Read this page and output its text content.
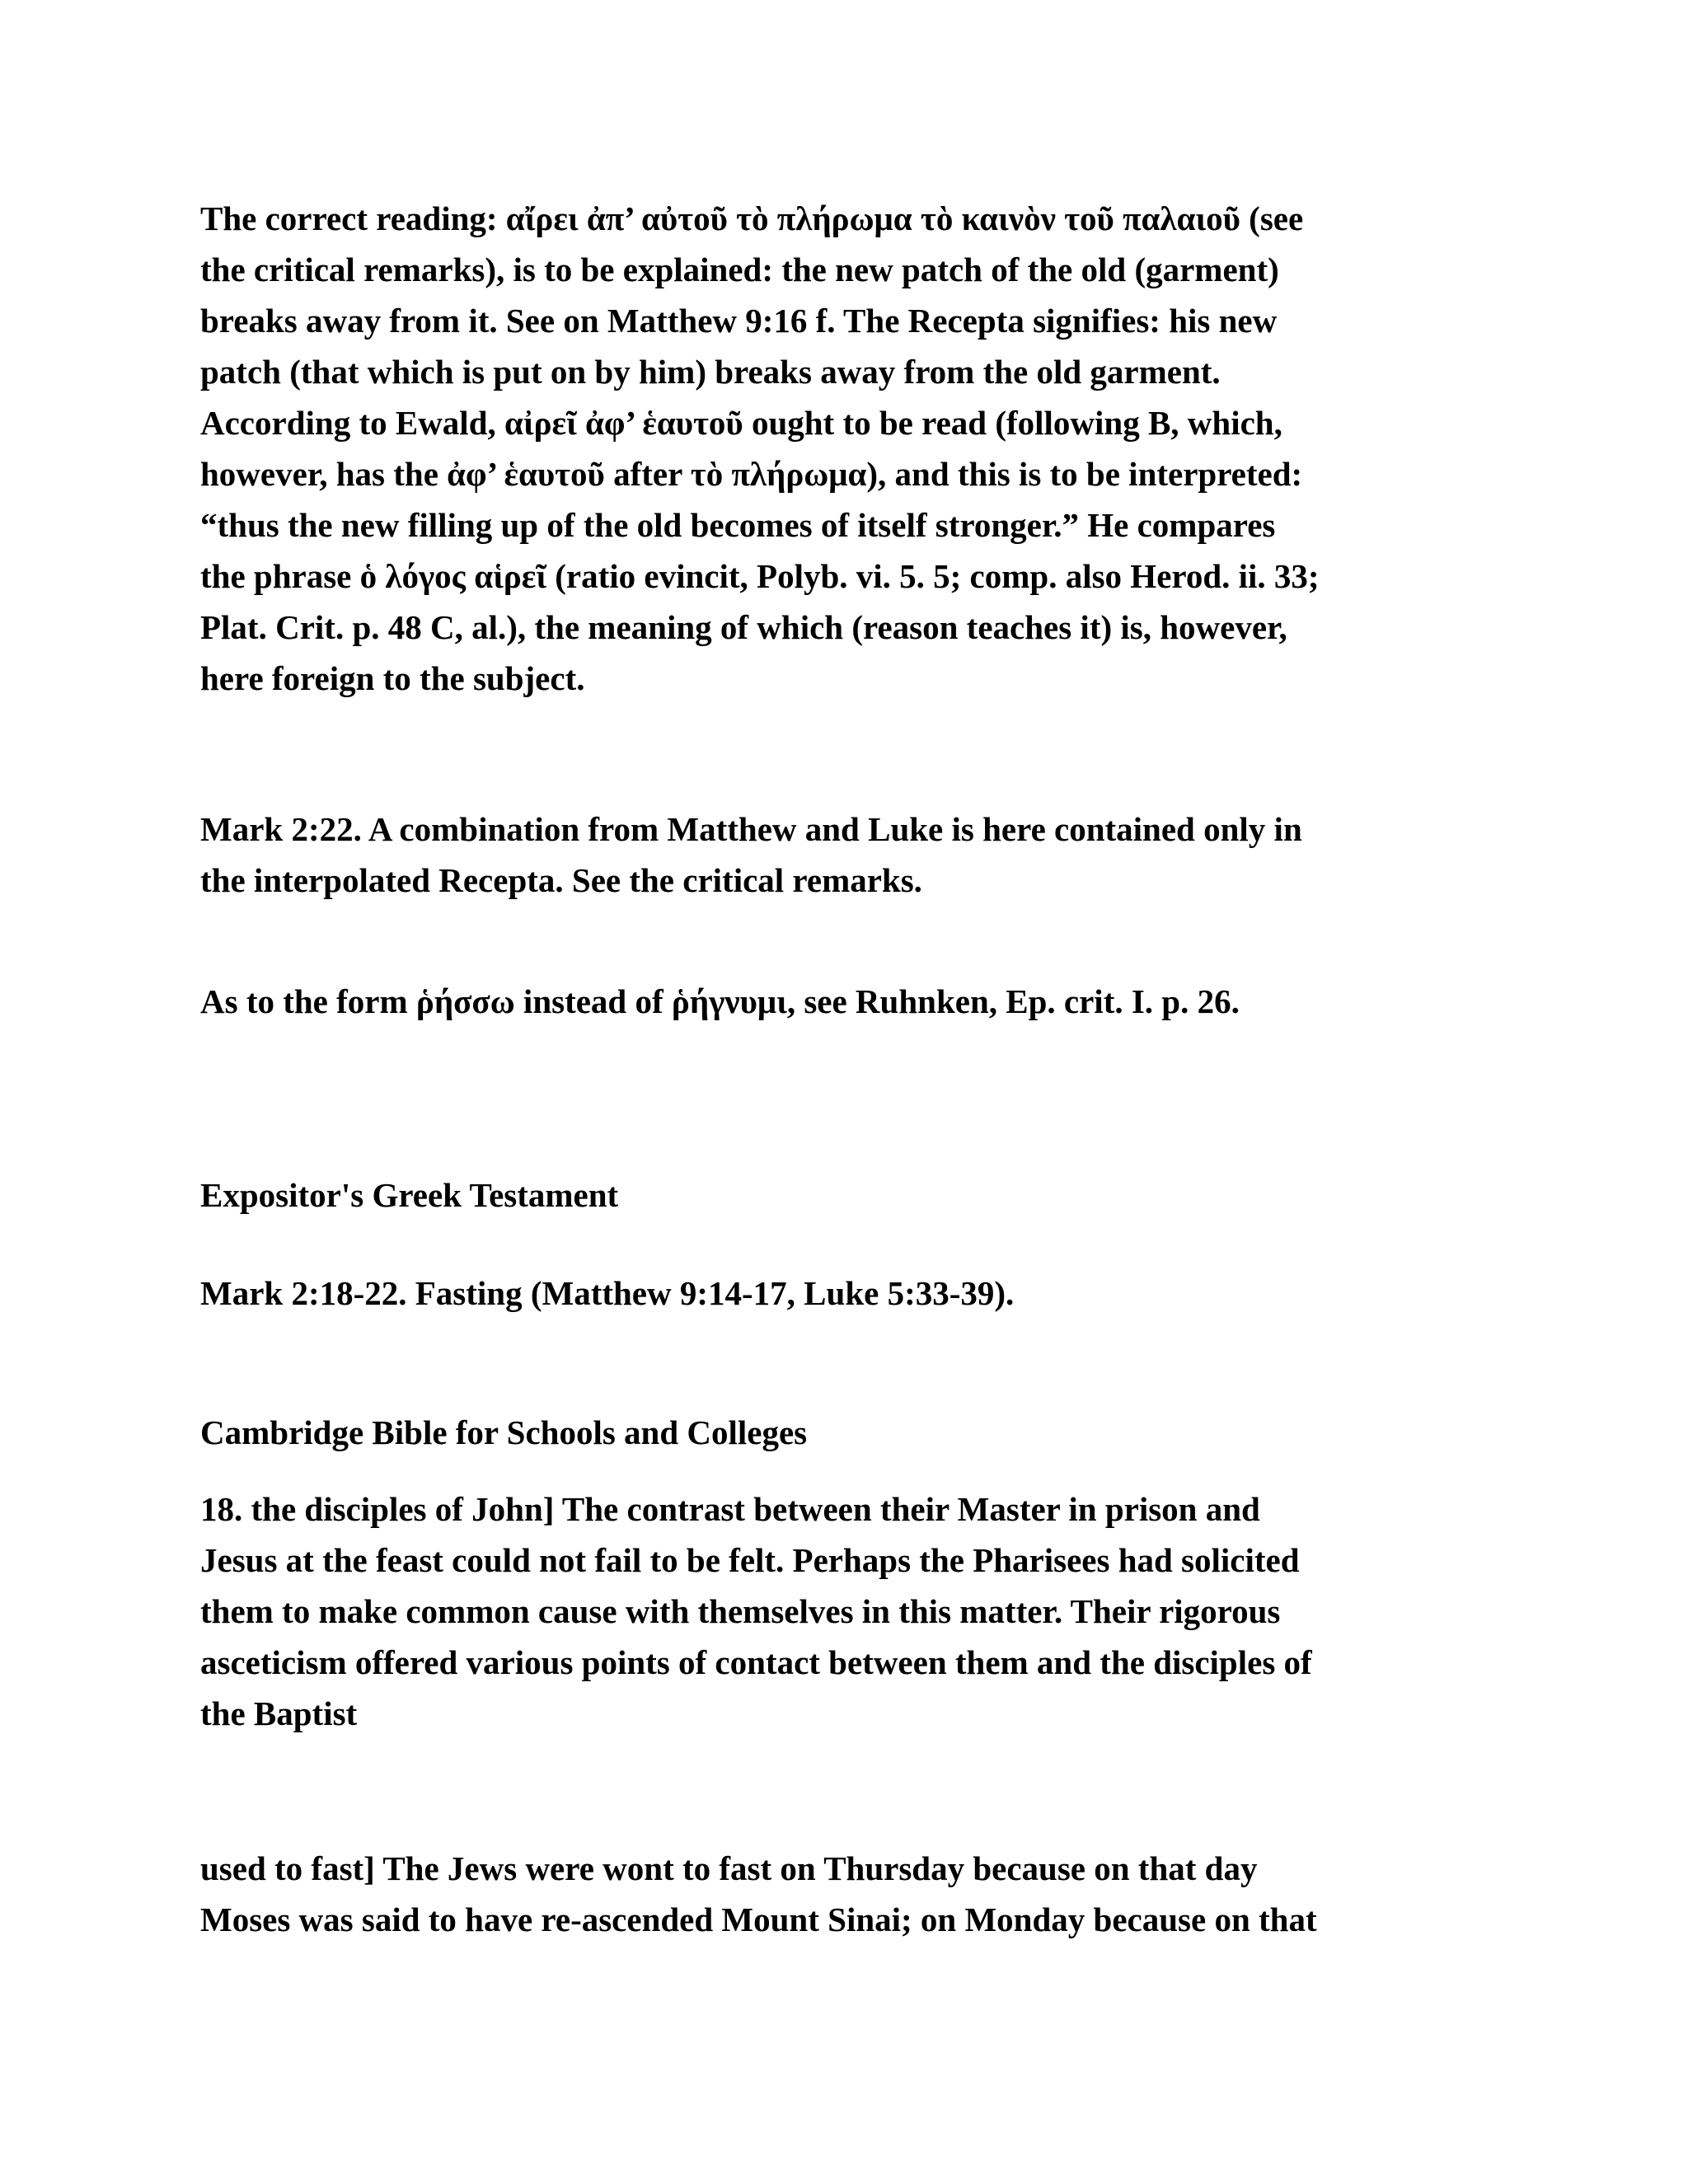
The correct reading: αἴρει ἀπ’ αὐτοῦ τὸ πλήρωμα τὸ καινὸν τοῦ παλαιοῦ (see
the critical remarks), is to be explained: the new patch of the old (garment)
breaks away from it. See on Matthew 9:16 f. The Recepta signifies: his new
patch (that which is put on by him) breaks away from the old garment.
According to Ewald, αἰρεῖ ἀφ’ ἑαυτοῦ ought to be read (following B, which,
however, has the ἀφ’ ἑαυτοῦ after τὸ πλήρωμα), and this is to be interpreted:
“thus the new filling up of the old becomes of itself stronger.” He compares
the phrase ὁ λόγος αἱρεῖ (ratio evincit, Polyb. vi. 5. 5; comp. also Herod. ii. 33;
Plat. Crit. p. 48 C, al.), the meaning of which (reason teaches it) is, however,
here foreign to the subject.

Mark 2:22. A combination from Matthew and Luke is here contained only in
the interpolated Recepta. See the critical remarks.

As to the form ῥήσσω instead of ῥήγνυμι, see Ruhnken, Ep. crit. I. p. 26.

Expositor's Greek Testament

Mark 2:18-22. Fasting (Matthew 9:14-17, Luke 5:33-39).

Cambridge Bible for Schools and Colleges

18. the disciples of John] The contrast between their Master in prison and
Jesus at the feast could not fail to be felt. Perhaps the Pharisees had solicited
them to make common cause with themselves in this matter. Their rigorous
asceticism offered various points of contact between them and the disciples of
the Baptist

used to fast] The Jews were wont to fast on Thursday because on that day
Moses was said to have re-ascended Mount Sinai; on Monday because on that
